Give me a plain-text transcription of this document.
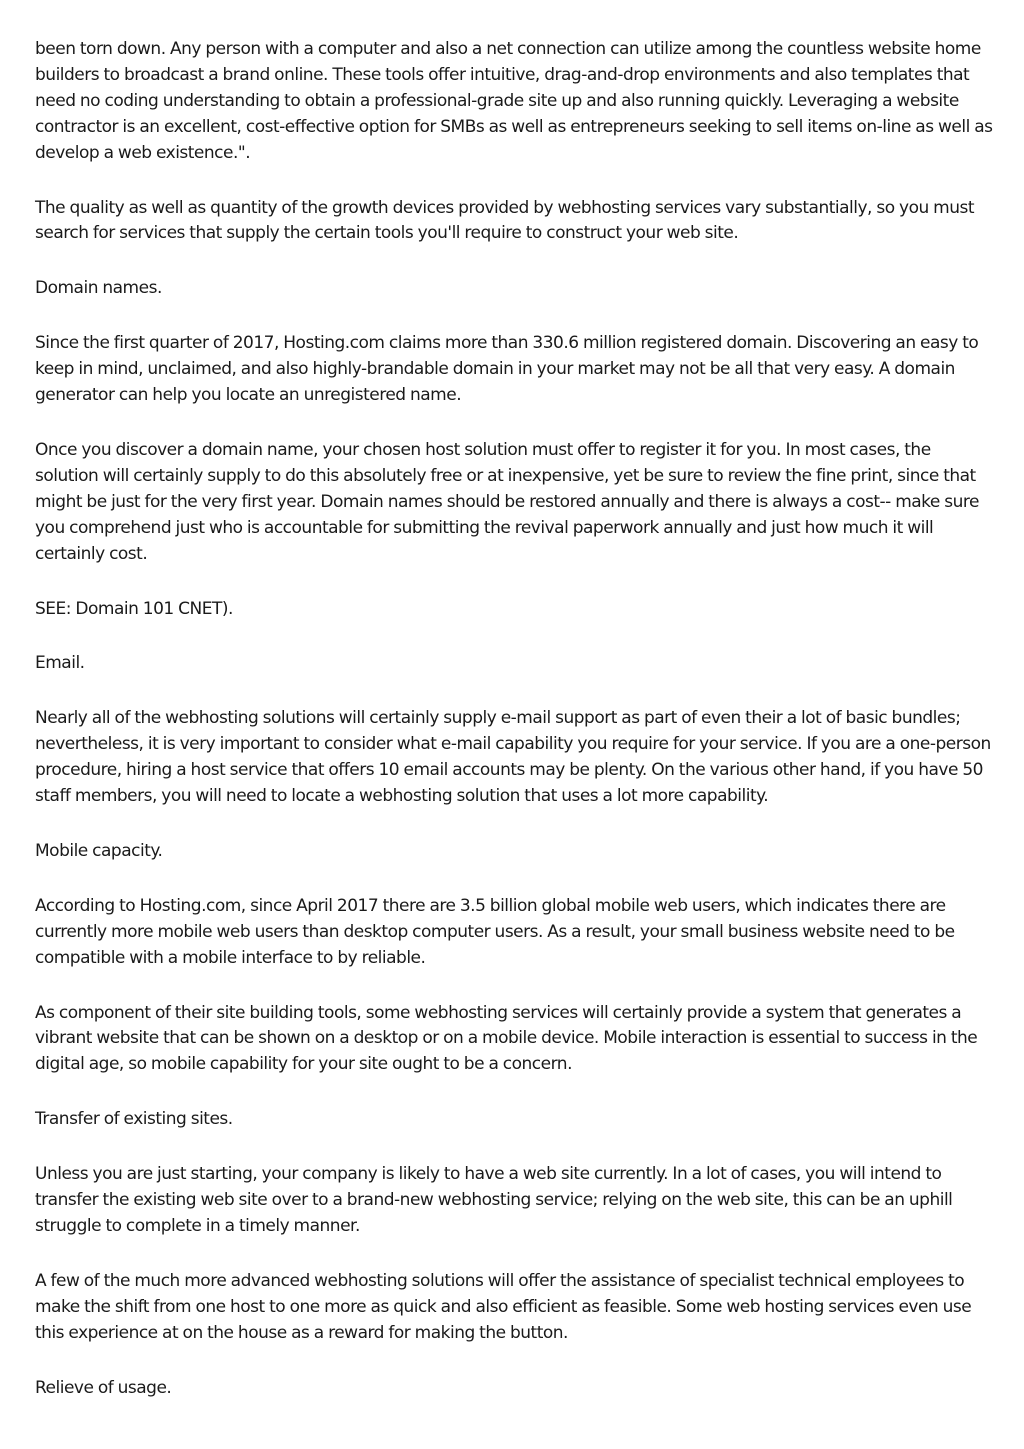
been torn down. Any person with a computer and also a net connection can utilize among the countless website home builders to broadcast a brand online. These tools offer intuitive, drag-and-drop environments and also templates that need no coding understanding to obtain a professional-grade site up and also running quickly. Leveraging a website contractor is an excellent, cost-effective option for SMBs as well as entrepreneurs seeking to sell items on-line as well as develop a web existence.".

The quality as well as quantity of the growth devices provided by webhosting services vary substantially, so you must search for services that supply the certain tools you'll require to construct your web site.

Domain names.

Since the first quarter of 2017, Hosting.com claims more than 330.6 million registered domain. Discovering an easy to keep in mind, unclaimed, and also highly-brandable domain in your market may not be all that very easy. A domain generator can help you locate an unregistered name.

Once you discover a domain name, your chosen host solution must offer to register it for you. In most cases, the solution will certainly supply to do this absolutely free or at inexpensive, yet be sure to review the fine print, since that might be just for the very first year. Domain names should be restored annually and there is always a cost-- make sure you comprehend just who is accountable for submitting the revival paperwork annually and just how much it will certainly cost.

SEE: Domain 101 CNET).

Email.

Nearly all of the webhosting solutions will certainly supply e-mail support as part of even their a lot of basic bundles; nevertheless, it is very important to consider what e-mail capability you require for your service. If you are a one-person procedure, hiring a host service that offers 10 email accounts may be plenty. On the various other hand, if you have 50 staff members, you will need to locate a webhosting solution that uses a lot more capability.

Mobile capacity.

According to Hosting.com, since April 2017 there are 3.5 billion global mobile web users, which indicates there are currently more mobile web users than desktop computer users. As a result, your small business website need to be compatible with a mobile interface to by reliable.

As component of their site building tools, some webhosting services will certainly provide a system that generates a vibrant website that can be shown on a desktop or on a mobile device. Mobile interaction is essential to success in the digital age, so mobile capability for your site ought to be a concern.

Transfer of existing sites.

Unless you are just starting, your company is likely to have a web site currently. In a lot of cases, you will intend to transfer the existing web site over to a brand-new webhosting service; relying on the web site, this can be an uphill struggle to complete in a timely manner.

A few of the much more advanced webhosting solutions will offer the assistance of specialist technical employees to make the shift from one host to one more as quick and also efficient as feasible. Some web hosting services even use this experience at on the house as a reward for making the button.

Relieve of usage.
